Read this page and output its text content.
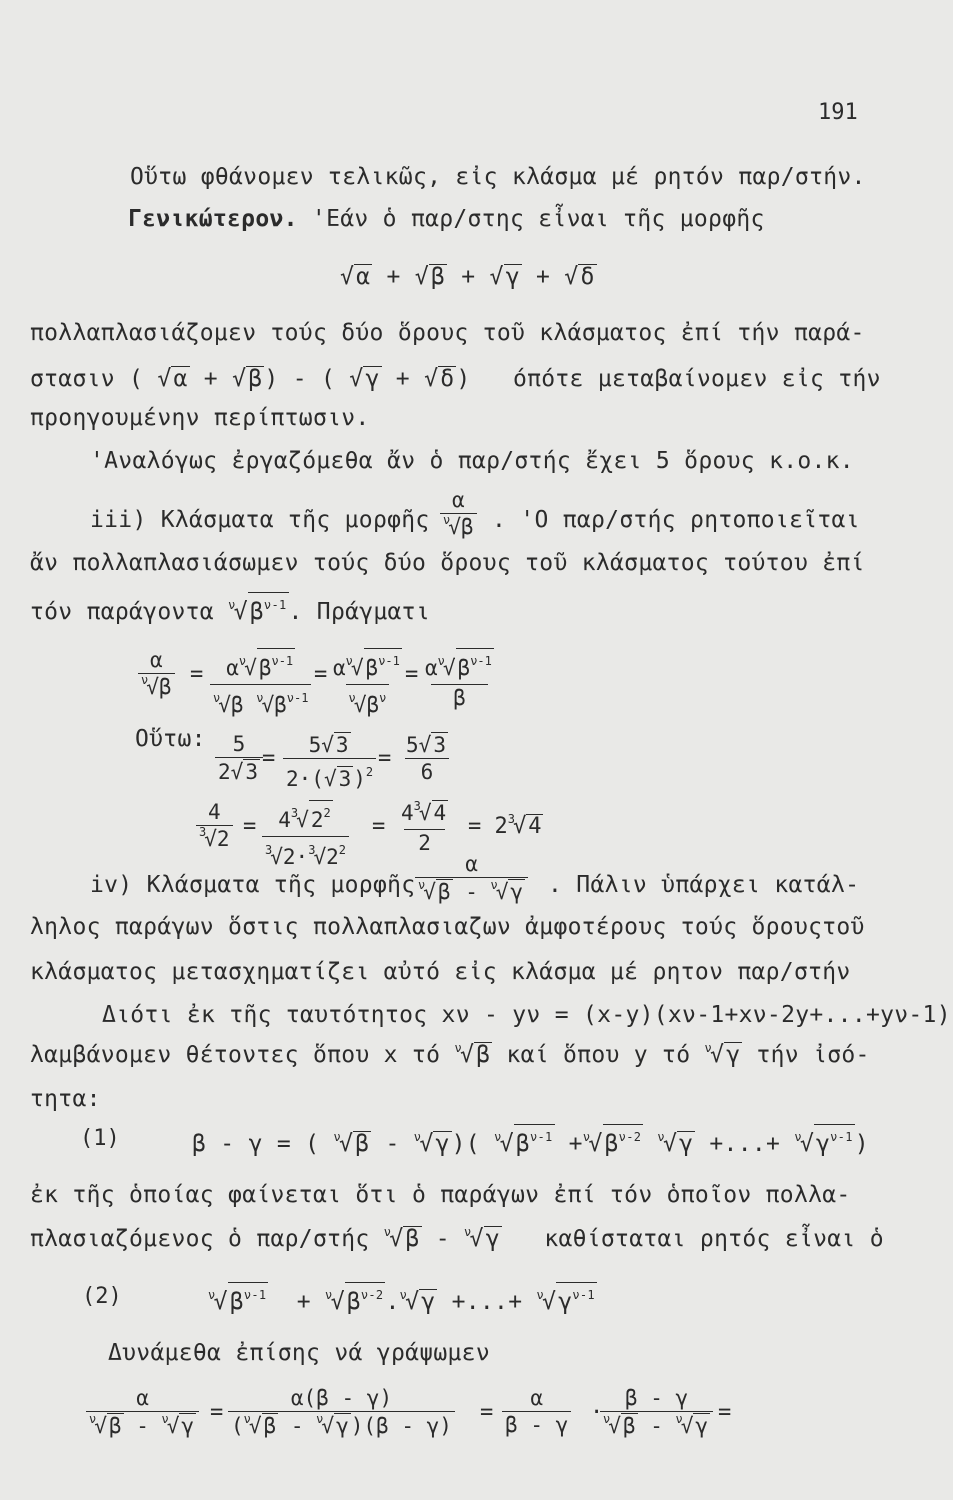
191
Οὕτω φθάνομεν τελικῶς, εἰς κλάσμα μέ ρητόν παρ/στήν.
Γενικώτερον. 'Εάν ὁ παρ/στης εἶναι τῆς μορφῆς
√α + √β + √γ + √δ
πολλαπλασιάζομεν τούς δύο ὅρους τοῦ κλάσματος ἐπί τήν παρά-
στασιν ( √α + √β) - ( √γ + √δ)   όπότε μεταβαίνομεν εἰς τήν
προηγουμένην περίπτωσιν.
'Αναλόγως ἐργαζόμεθα ἄν ὁ παρ/στής ἔχει 5 ὅρους κ.ο.κ.
iii) Κλάσματα τῆς μορφῆς $\frac{\alpha}{^\nu√\beta}$ . 'Ο παρ/στής ρητοποιεῖται
ἄν πολλαπλασιάσωμεν τούς δύο ὅρους τοῦ κλάσματος τούτου ἐπί
τόν παράγοντα $^\nu√\beta^{\nu-1}$. Πράγματι
$\frac{\alpha}{^\nu√\beta} = \frac{\alpha^\nu√\beta^{\nu-1}}{^\nu√\beta ^\nu√\beta^{\nu-1}} = \frac{\alpha^\nu√\beta^{\nu-1}}{^\nu√\beta^\nu} = \frac{\alpha^\nu√\beta^{\nu-1}}{\beta}$
Οὕτω: $\frac{5}{2√3} = \frac{5√3}{2\cdot(√3)^2} = \frac{5√3}{6}$
$\frac{4}{^3√2} = \frac{4^3√2^2}{^3√2\cdot^3√2^2} = \frac{4^3√4}{2} = 2^3√4$
iv) Κλάσματα τῆς μορφῆς $\frac{\alpha}{^\nu√\beta - ^\nu√\gamma}$ . Πάλιν ὑπάρχει κατάλ-
ληλος παράγων ὅστις πολλαπλασιαζων ἀμφοτέρους τούς ὅρουςτοῦ
κλάσματος μετασχηματίζει αὐτό εἰς κλάσμα μέ ρητον παρ/στήν
Διότι ἐκ τῆς ταυτότητος xν - yν = (x-y)(xν-1+xν-2y+...+yν-1)
λαμβάνομεν θέτοντες ὅπου x τό $^\nu$√β καί ὅπου y τό $^\nu$√γ τήν ἰσό-
τητα:
(1)	β - γ = ( $^\nu$√β - $^\nu$√γ)( $^\nu√\beta^{\nu-1} +^\nu√\beta^{\nu-2}$ $^\nu$√γ +...+ $^\nu√\gamma^{\nu-1}$)
ἐκ τῆς ὁποίας φαίνεται ὅτι ὁ παράγων ἐπί τόν ὁποῖον πολλα-
πλασιαζόμενος ὁ παρ/στής $^\nu$√β - $^\nu$√γ καθίσταται ρητός εἶναι ὁ
(2)	$^\nu√\beta^{\nu-1} + ^\nu√\beta^{\nu-2}.^\nu√\gamma$ +...+ $^\nu√\gamma^{\nu-1}$
Δυνάμεθα ἐπίσης νά γράψωμεν
$\frac{\alpha}{^\nu√\beta - ^\nu√\gamma} = \frac{\alpha(\beta - \gamma)}{(^\nu√\beta - ^\nu√\gamma)(\beta - \gamma)} = \frac{\alpha}{\beta - \gamma}$ ·
$\frac{\beta - \gamma}{^\nu√\beta - ^\nu√\gamma}$ =
